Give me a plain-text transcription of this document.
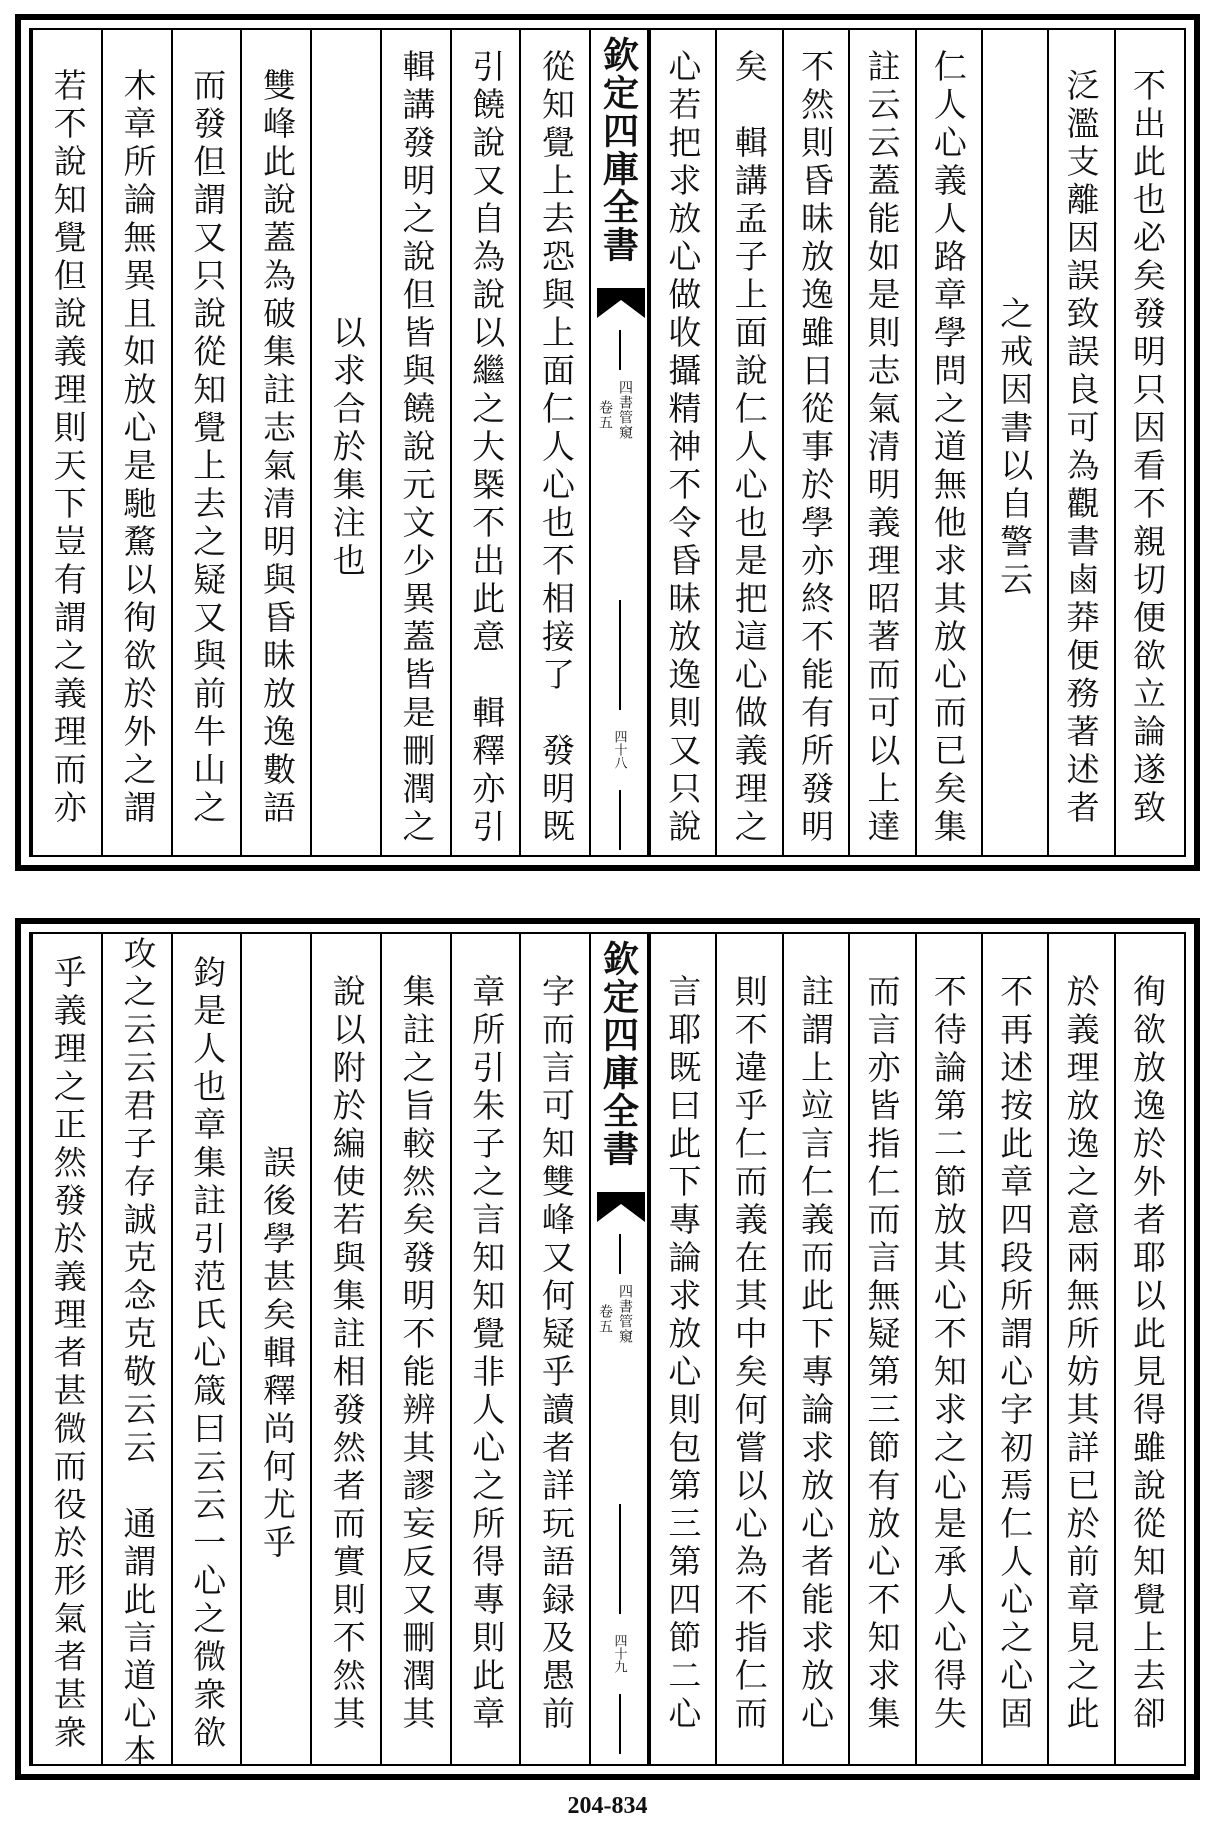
欽定四庫全書
四書管窺
卷五
四十八	不出此也必矣發明只因看不親切便欲立論遂致
泛濫支離因誤致誤良可為觀書鹵莽便務著述者
之戒因書以自警云
仁人心義人路章學問之道無他求其放心而已矣集
註云云蓋能如是則志氣清明義理昭著而可以上達
不然則昏昧放逸雖日從事於學亦終不能有所發明
矣　輯講孟子上面說仁人心也是把這心做義理之
心若把求放心做收攝精神不令昏昧放逸則又只說
從知覺上去恐與上面仁人心也不相接了　發明既
引饒說又自為說以繼之大槩不出此意　輯釋亦引
輯講發明之說但皆與饒說元文少異蓋皆是刪潤之
以求合於集注也
雙峰此說蓋為破集註志氣清明與昏昧放逸數語
而發但謂又只說從知覺上去之疑又與前牛山之
木章所論無異且如放心是馳騖以徇欲於外之謂
若不說知覺但說義理則天下豈有謂之義理而亦
欽定四庫全書
四書管窺
卷五
四十九	徇欲放逸於外者耶以此見得雖說從知覺上去卻
於義理放逸之意兩無所妨其詳已於前章見之此
不再述按此章四段所謂心字初焉仁人心之心固
不待論第二節放其心不知求之心是承人心得失
而言亦皆指仁而言無疑第三節有放心不知求集
註謂上竝言仁義而此下專論求放心者能求放心
則不違乎仁而義在其中矣何嘗以心為不指仁而
言耶既曰此下專論求放心則包第三第四節二心
字而言可知雙峰又何疑乎讀者詳玩語録及愚前
章所引朱子之言知知覺非人心之所得專則此章
集註之旨較然矣發明不能辨其謬妄反又刪潤其
說以附於編使若與集註相發然者而實則不然其
誤後學甚矣輯釋尚何尤乎
鈞是人也章集註引范氏心箴曰云云一心之微衆欲
攻之云云君子存誠克念克敬云云　通謂此言道心本
乎義理之正然發於義理者甚微而役於形氣者甚衆
204-834
